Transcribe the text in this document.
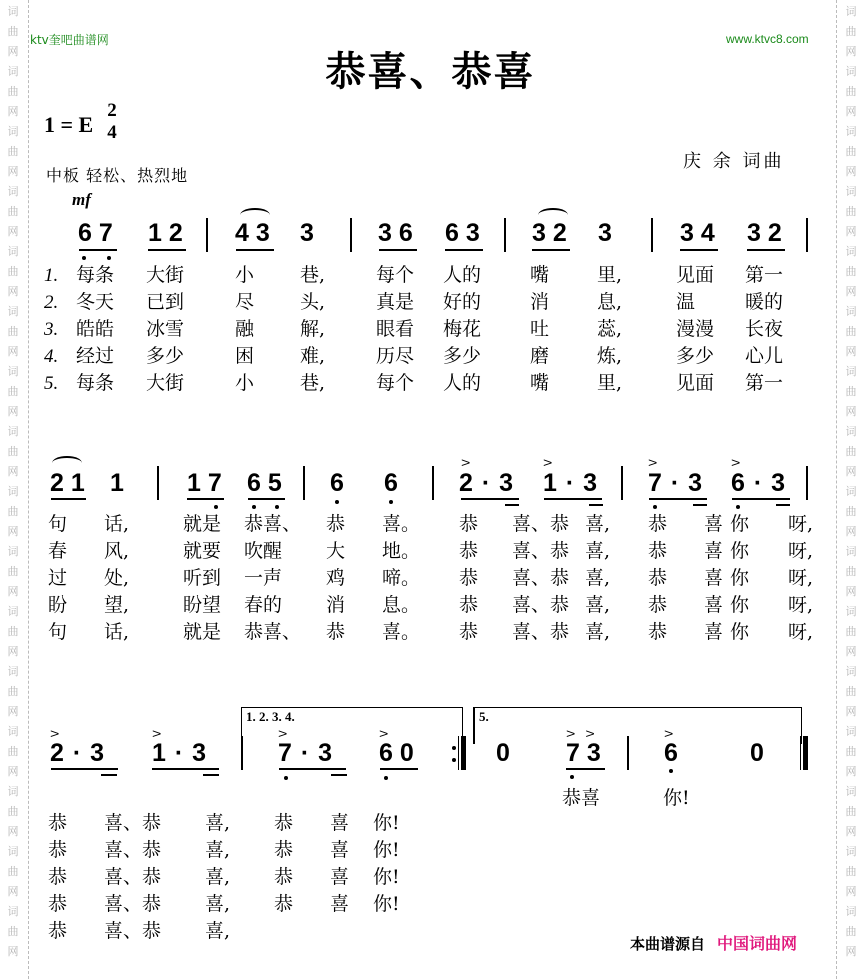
词
曲
网
词
曲
网
词
曲
网
词
曲
网
词
曲
网
词
曲
网
词
曲
网
词
曲
网
词
曲
网
词
曲
网
词
曲
网
词
曲
网
词
曲
网
词
曲
网
词
曲
网
词
曲
网
词
曲
网
词
曲
网
词
曲
网
词
曲
网
词
曲
网
词
曲
网
词
曲
网
词
曲
网
词
曲
网
词
曲
网
词
曲
网
词
曲
网
词
曲
网
词
曲
网
词
曲
网
词
曲
网
ktv奎吧曲谱网	www.ktvc8.com
恭喜、恭喜
1 = E
2
4
中板 轻松、热烈地
庆 余 词曲
mf
6 7 1 2 4 3 3	3 6 6 3 3 2 3	3 4 3 2
1. 每条 大街	小 巷,	每个 人的	嘴	里,	见面 第一
2. 冬天 已到	尽 头,	真是 好的	消	息,	温 暖的
3. 皓皓 冰雪	融 解,	眼看 梅花	吐	蕊,	漫漫 长夜
4. 经过 多少	困 难,	历尽 多少	磨	炼,	多少 心儿
5. 每条 大街	小 巷,	每个 人的	嘴	里,	见面 第一
2 1 1	1 7 6 5 6 6
>
2 · 3
>
1 · 3
>
7 · 3
>
6 · 3
句 话,	就是 恭喜、 恭 喜。 恭 喜、恭 喜, 恭 喜 你 呀,
春 风,	就要 吹醒 大 地。 恭 喜、恭 喜, 恭 喜 你 呀,
过 处,	听到 一声 鸡 啼。 恭 喜、恭 喜, 恭 喜 你 呀,
盼 望,	盼望 春的 消 息。 恭 喜、恭 喜, 恭 喜 你 呀,
句 话,	就是 恭喜、 恭 喜。 恭 喜、恭 喜, 恭 喜 你 呀,
1. 2. 3. 4.	5.
>
2 · 3
>
1 · 3
>
7 · 3
>
6 0	0
>>
7 3
>
6	0
恭 喜、恭 喜, 恭 喜 你!
恭 喜、恭 喜, 恭 喜 你!
恭 喜、恭 喜, 恭 喜 你!
恭 喜、恭 喜, 恭 喜 你!
恭 喜、恭 喜,
恭喜	你!
本曲谱源自 中国词曲网
